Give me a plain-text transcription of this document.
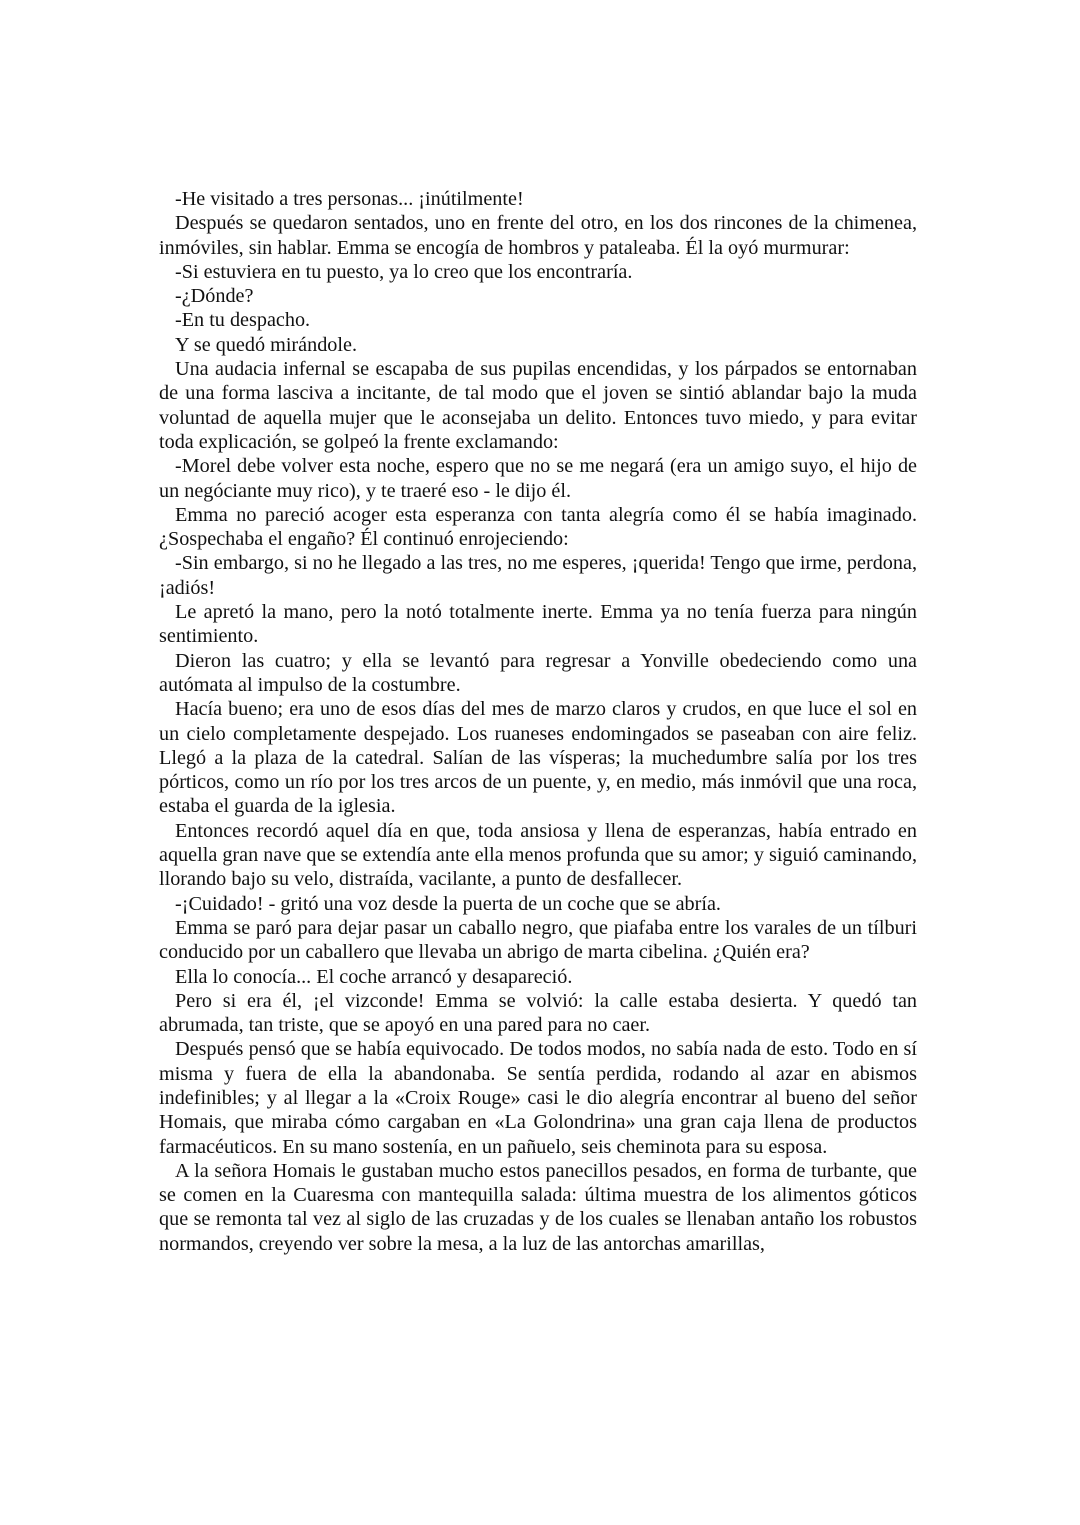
-He visitado a tres personas... ¡inútilmente!

Después se quedaron sentados, uno en frente del otro, en los dos rincones de la chimenea, inmóviles, sin hablar. Emma se encogía de hombros y pataleaba. Él la oyó murmurar:

-Si estuviera en tu puesto, ya lo creo que los encontraría.

-¿Dónde?

-En tu despacho.

Y se quedó mirándole.

Una audacia infernal se escapaba de sus pupilas encendidas, y los párpados se entornaban de una forma lasciva a incitante, de tal modo que el joven se sintió ablandar bajo la muda voluntad de aquella mujer que le aconsejaba un delito. Entonces tuvo miedo, y para evitar toda explicación, se golpeó la frente exclamando:

-Morel debe volver esta noche, espero que no se me negará (era un amigo suyo, el hijo de un negóciante muy rico), y te traeré eso - le dijo él.

Emma no pareció acoger esta esperanza con tanta alegría como él se había imaginado. ¿Sospechaba el engaño? Él continuó enrojeciendo:

-Sin embargo, si no he llegado a las tres, no me esperes, ¡querida! Tengo que irme, perdona, ¡adiós!

Le apretó la mano, pero la notó totalmente inerte. Emma ya no tenía fuerza para ningún sentimiento.

Dieron las cuatro; y ella se levantó para regresar a Yonville obedeciendo como una autómata al impulso de la costumbre.

Hacía bueno; era uno de esos días del mes de marzo claros y crudos, en que luce el sol en un cielo completamente despejado. Los ruaneses endomingados se paseaban con aire feliz. Llegó a la plaza de la catedral. Salían de las vísperas; la muchedumbre salía por los tres pórticos, como un río por los tres arcos de un puente, y, en medio, más inmóvil que una roca, estaba el guarda de la iglesia.

Entonces recordó aquel día en que, toda ansiosa y llena de esperanzas, había entrado en aquella gran nave que se extendía ante ella menos profunda que su amor; y siguió caminando, llorando bajo su velo, distraída, vacilante, a punto de desfallecer.

-¡Cuidado! - gritó una voz desde la puerta de un coche que se abría.

Emma se paró para dejar pasar un caballo negro, que piafaba entre los varales de un tílburi conducido por un caballero que llevaba un abrigo de marta cibelina. ¿Quién era?

Ella lo conocía... El coche arrancó y desapareció.

Pero si era él, ¡el vizconde! Emma se volvió: la calle estaba desierta. Y quedó tan abrumada, tan triste, que se apoyó en una pared para no caer.

Después pensó que se había equivocado. De todos modos, no sabía nada de esto. Todo en sí misma y fuera de ella la abandonaba. Se sentía perdida, rodando al azar en abismos indefinibles; y al llegar a la «Croix Rouge» casi le dio alegría encontrar al bueno del señor Homais, que miraba cómo cargaban en «La Golondrina» una gran caja llena de productos farmacéuticos. En su mano sostenía, en un pañuelo, seis cheminota para su esposa.

A la señora Homais le gustaban mucho estos panecillos pesados, en forma de turbante, que se comen en la Cuaresma con mantequilla salada: última muestra de los alimentos góticos que se remonta tal vez al siglo de las cruzadas y de los cuales se llenaban antaño los robustos normandos, creyendo ver sobre la mesa, a la luz de las antorchas amarillas,
